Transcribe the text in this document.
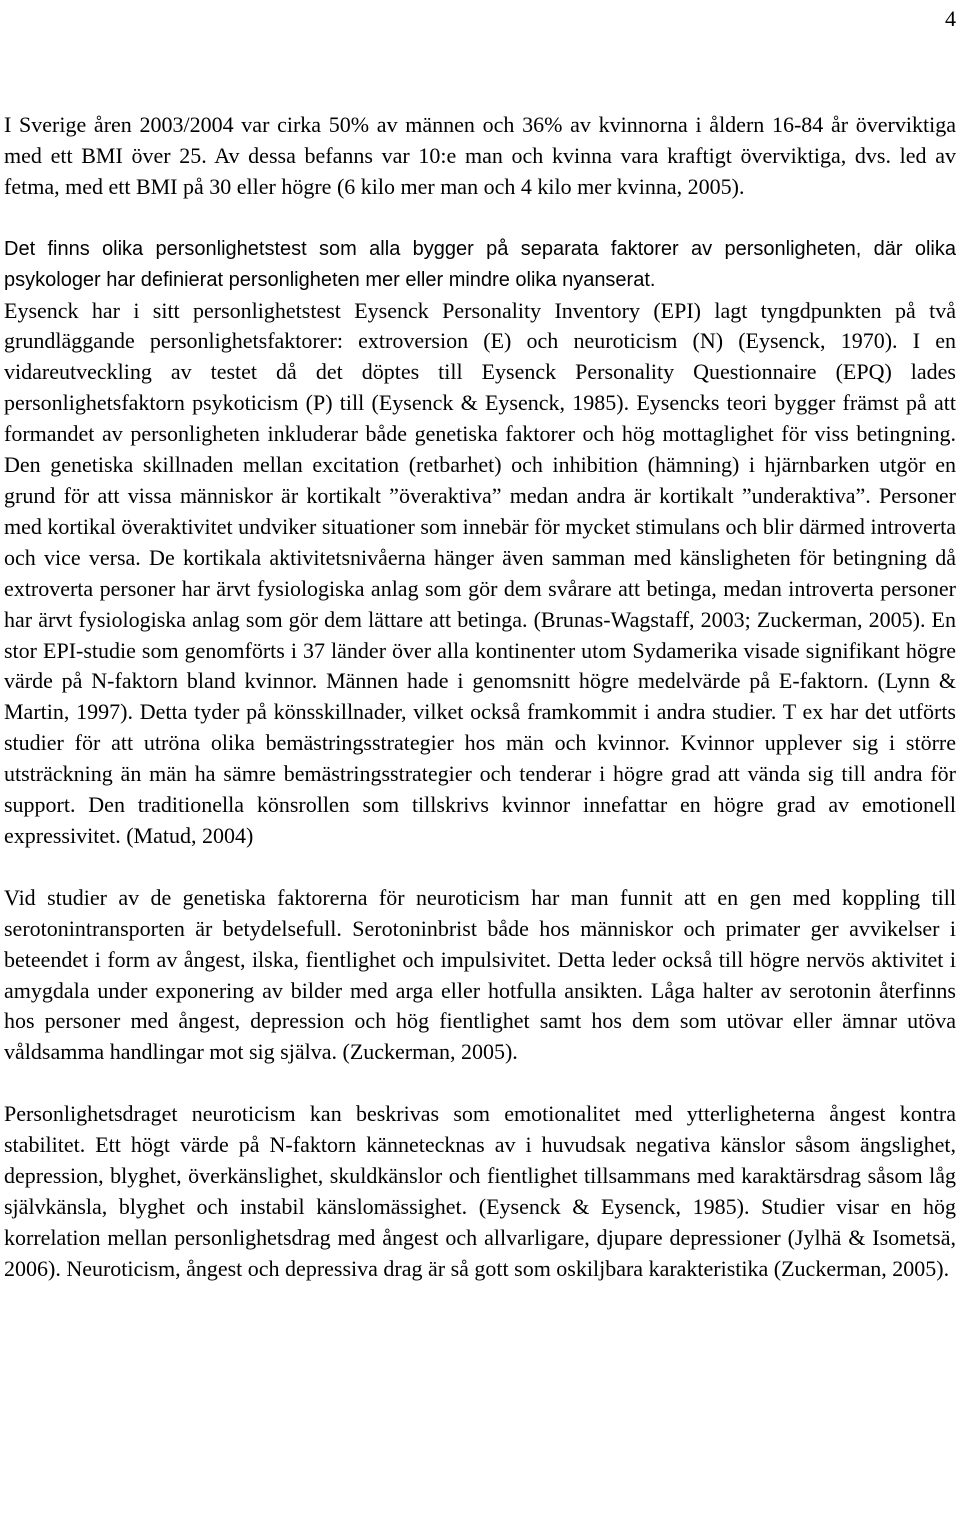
4

I Sverige åren 2003/2004 var cirka 50% av männen och 36% av kvinnorna i åldern 16-84 år överviktiga med ett BMI över 25. Av dessa befanns var 10:e man och kvinna vara kraftigt överviktiga, dvs. led av fetma, med ett BMI på 30 eller högre (6 kilo mer man och 4 kilo mer kvinna, 2005).

Det finns olika personlighetstest som alla bygger på separata faktorer av personligheten, där olika psykologer har definierat personligheten mer eller mindre olika nyanserat.

Eysenck har i sitt personlighetstest Eysenck Personality Inventory (EPI) lagt tyngdpunkten på två grundläggande personlighetsfaktorer: extroversion (E) och neuroticism (N) (Eysenck, 1970). I en vidareutveckling av testet då det döptes till Eysenck Personality Questionnaire (EPQ) lades personlighetsfaktorn psykoticism (P) till (Eysenck & Eysenck, 1985). Eysencks teori bygger främst på att formandet av personligheten inkluderar både genetiska faktorer och hög mottaglighet för viss betingning. Den genetiska skillnaden mellan excitation (retbarhet) och inhibition (hämning) i hjärnbarken utgör en grund för att vissa människor är kortikalt ”överaktiva” medan andra är kortikalt ”underaktiva”. Personer med kortikal överaktivitet undviker situationer som innebär för mycket stimulans och blir därmed introverta och vice versa. De kortikala aktivitetsnivåerna hänger även samman med känsligheten för betingning då extroverta personer har ärvt fysiologiska anlag som gör dem svårare att betinga, medan introverta personer har ärvt fysiologiska anlag som gör dem lättare att betinga. (Brunas-Wagstaff, 2003; Zuckerman, 2005). En stor EPI-studie som genomförts i 37 länder över alla kontinenter utom Sydamerika visade signifikant högre värde på N-faktorn bland kvinnor. Männen hade i genomsnitt högre medelvärde på E-faktorn. (Lynn & Martin, 1997). Detta tyder på könsskillnader, vilket också framkommit i andra studier. T ex har det utförts studier för att utröna olika bemästringsstrategier hos män och kvinnor. Kvinnor upplever sig i större utsträckning än män ha sämre bemästringsstrategier och tenderar i högre grad att vända sig till andra för support. Den traditionella könsrollen som tillskrivs kvinnor innefattar en högre grad av emotionell expressivitet. (Matud, 2004)

Vid studier av de genetiska faktorerna för neuroticism har man funnit att en gen med koppling till serotonintransporten är betydelsefull. Serotoninbrist både hos människor och primater ger avvikelser i beteendet i form av ångest, ilska, fientlighet och impulsivitet. Detta leder också till högre nervös aktivitet i amygdala under exponering av bilder med arga eller hotfulla ansikten. Låga halter av serotonin återfinns hos personer med ångest, depression och hög fientlighet samt hos dem som utövar eller ämnar utöva våldsamma handlingar mot sig själva. (Zuckerman, 2005).

Personlighetsdraget neuroticism kan beskrivas som emotionalitet med ytterligheterna ångest kontra stabilitet. Ett högt värde på N-faktorn kännetecknas av i huvudsak negativa känslor såsom ängslighet, depression, blyghet, överkänslighet, skuldkänslor och fientlighet tillsammans med karaktärsdrag såsom låg självkänsla, blyghet och instabil känslomässighet. (Eysenck & Eysenck, 1985). Studier visar en hög korrelation mellan personlighetsdrag med ångest och allvarligare, djupare depressioner (Jylhä & Isometsä, 2006). Neuroticism, ångest och depressiva drag är så gott som oskiljbara karakteristika (Zuckerman, 2005).
